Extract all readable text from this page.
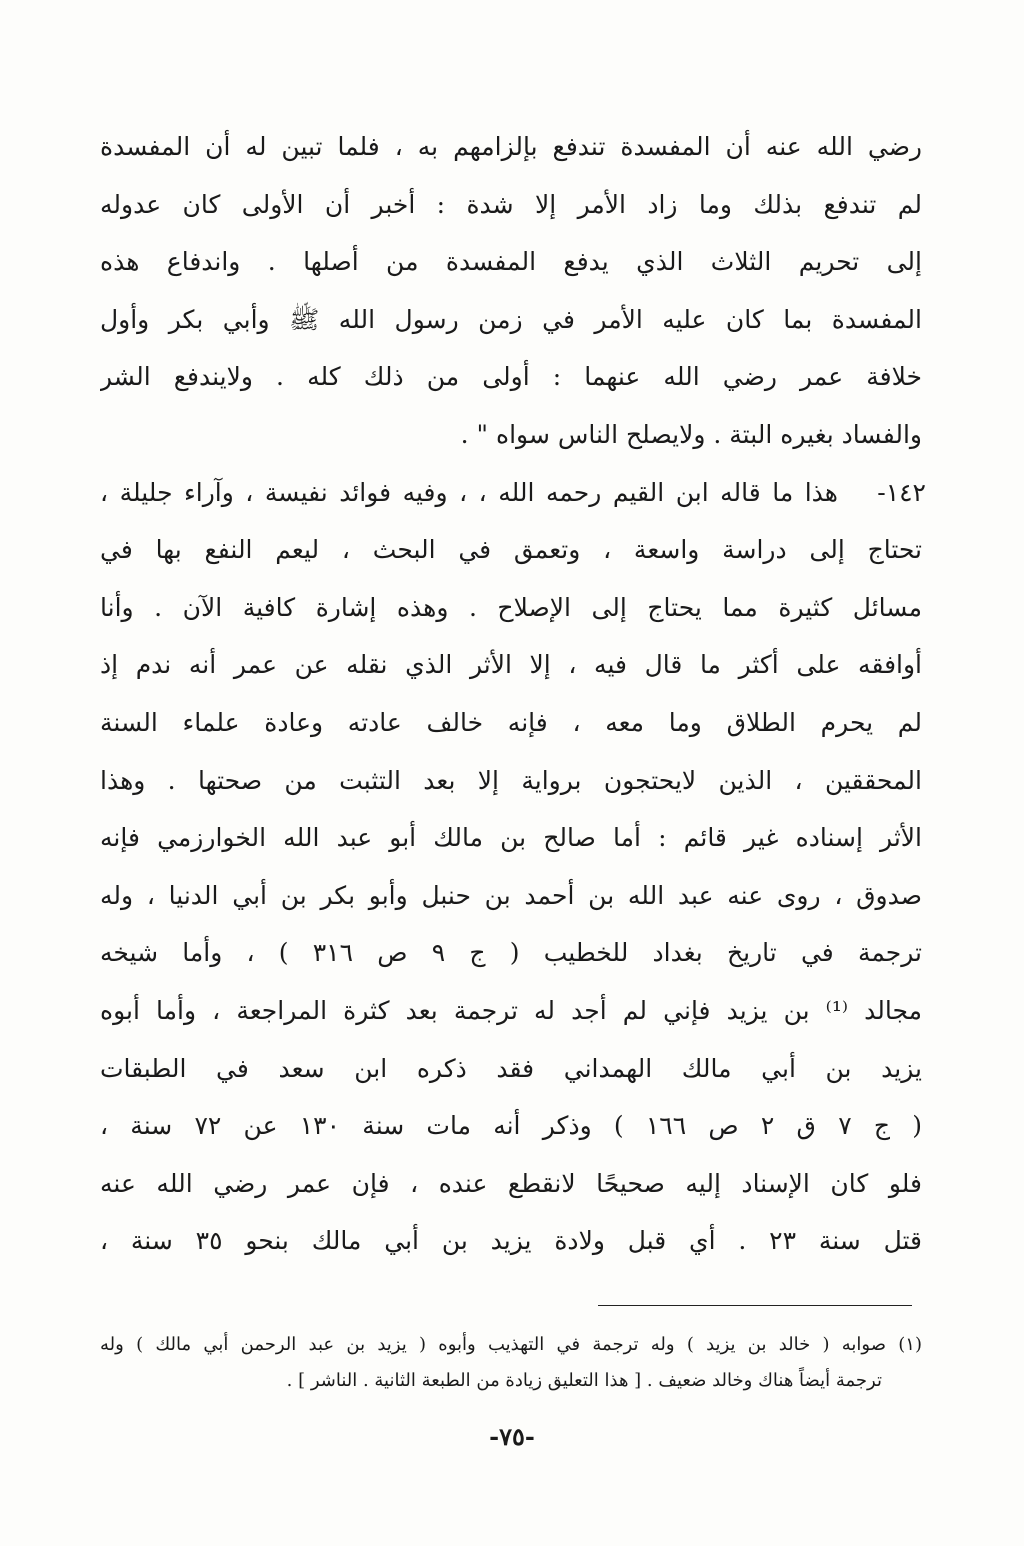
رضي الله عنه أن المفسدة تندفع بإلزامهم به ، فلما تبين له أن المفسدة
لم تندفع بذلك وما زاد الأمر إلا شدة : أخبر أن الأولى كان عدوله
إلى تحريم الثلاث الذي يدفع المفسدة من أصلها . واندفاع هذه
المفسدة بما كان عليه الأمر في زمن رسول الله ﷺ وأبي بكر وأول
خلافة عمر رضي الله عنهما : أولى من ذلك كله . ولايندفع الشر
والفساد بغيره البتة . ولايصلح الناس سواه " .
١٤٢-
هذا ما قاله ابن القيم رحمه الله ، ، وفيه فوائد نفيسة ، وآراء جليلة ،
تحتاج إلى دراسة واسعة ، وتعمق في البحث ، ليعم النفع بها في
مسائل كثيرة مما يحتاج إلى الإصلاح . وهذه إشارة كافية الآن . وأنا
أوافقه على أكثر ما قال فيه ، إلا الأثر الذي نقله عن عمر أنه ندم إذ
لم يحرم الطلاق وما معه ، فإنه خالف عادته وعادة علماء السنة
المحققين ، الذين لايحتجون برواية إلا بعد التثبت من صحتها . وهذا
الأثر إسناده غير قائم : أما صالح بن مالك أبو عبد الله الخوارزمي فإنه
صدوق ، روى عنه عبد الله بن أحمد بن حنبل وأبو بكر بن أبي الدنيا ، وله
ترجمة في تاريخ بغداد للخطيب ( ج ٩ ص ٣١٦ ) ، وأما شيخه
مجالد ⁽¹⁾ بن يزيد فإني لم أجد له ترجمة بعد كثرة المراجعة ، وأما أبوه
يزيد بن أبي مالك الهمداني فقد ذكره ابن سعد في الطبقات
( ج ٧ ق ٢ ص ١٦٦ ) وذكر أنه مات سنة ١٣٠ عن ٧٢ سنة ،
فلو كان الإسناد إليه صحيحًا لانقطع عنده ، فإن عمر رضي الله عنه
قتل سنة ٢٣ . أي قبل ولادة يزيد بن أبي مالك بنحو ٣٥ سنة ،
(١) صوابه ( خالد بن يزيد ) وله ترجمة في التهذيب وأبوه ( يزيد بن عبد الرحمن أبي مالك ) وله
ترجمة أيضاً هناك وخالد ضعيف . [ هذا التعليق زيادة من الطبعة الثانية . الناشر ] .
-٧٥-
